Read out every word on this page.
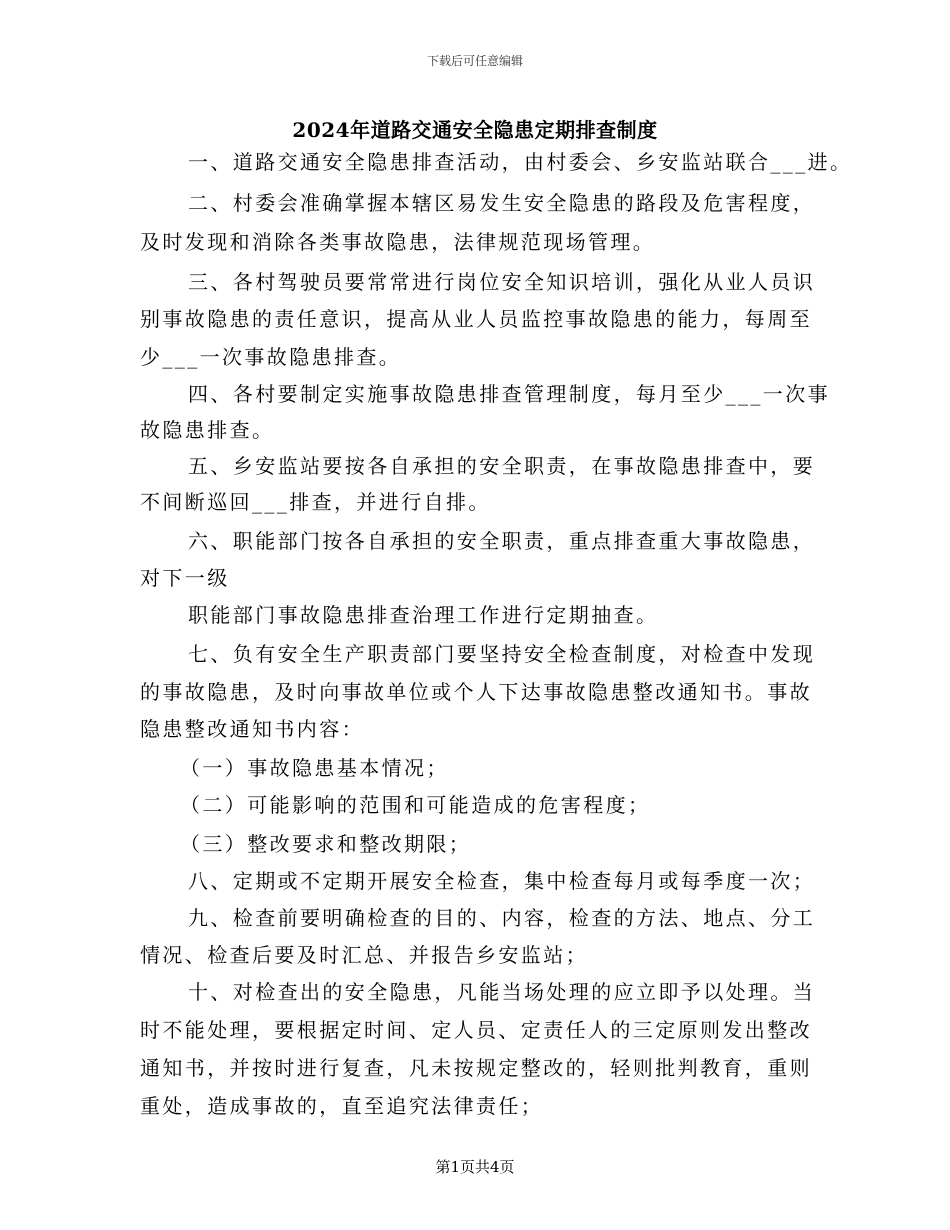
下载后可任意编辑
2024年道路交通安全隐患定期排查制度
一、道路交通安全隐患排查活动，由村委会、乡安监站联合___进。
二、村委会准确掌握本辖区易发生安全隐患的路段及危害程度，
及时发现和消除各类事故隐患，法律规范现场管理。
三、各村驾驶员要常常进行岗位安全知识培训，强化从业人员识
别事故隐患的责任意识，提高从业人员监控事故隐患的能力，每周至
少___一次事故隐患排查。
四、各村要制定实施事故隐患排查管理制度，每月至少___一次事
故隐患排查。
五、乡安监站要按各自承担的安全职责，在事故隐患排查中，要
不间断巡回___排查，并进行自排。
六、职能部门按各自承担的安全职责，重点排查重大事故隐患，
对下一级
职能部门事故隐患排查治理工作进行定期抽查。
七、负有安全生产职责部门要坚持安全检查制度，对检查中发现
的事故隐患，及时向事故单位或个人下达事故隐患整改通知书。事故
隐患整改通知书内容：
（一）事故隐患基本情况；
（二）可能影响的范围和可能造成的危害程度；
（三）整改要求和整改期限；
八、定期或不定期开展安全检查，集中检查每月或每季度一次；
九、检查前要明确检查的目的、内容，检查的方法、地点、分工
情况、检查后要及时汇总、并报告乡安监站；
十、对检查出的安全隐患，凡能当场处理的应立即予以处理。当
时不能处理，要根据定时间、定人员、定责任人的三定原则发出整改
通知书，并按时进行复查，凡未按规定整改的，轻则批判教育，重则
重处，造成事故的，直至追究法律责任；
第1页共4页
